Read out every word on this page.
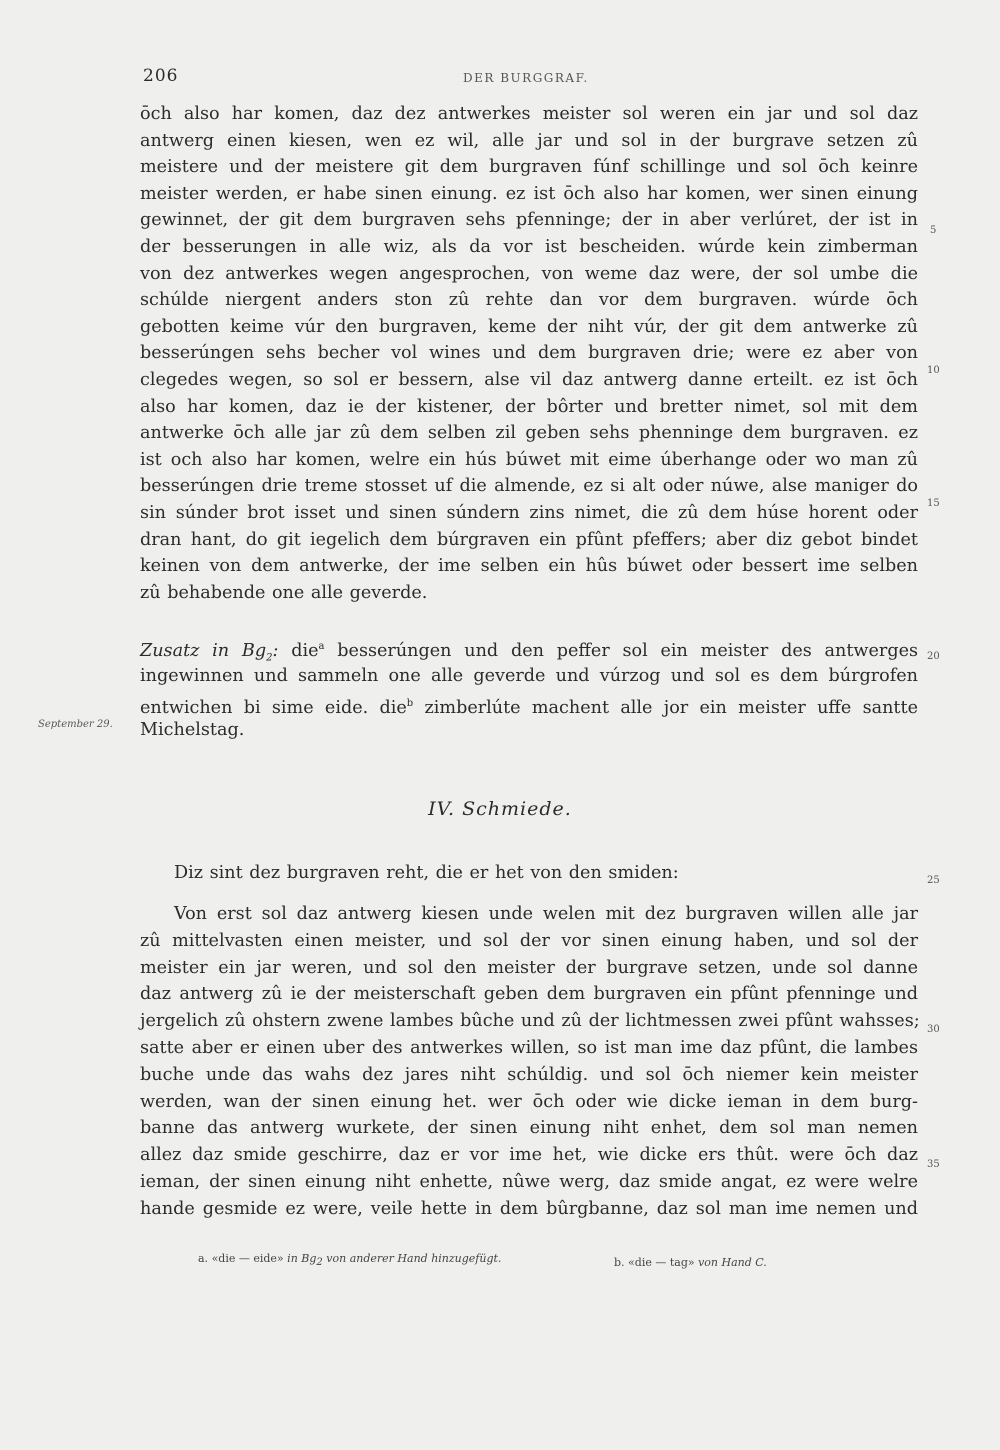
206	DER BURGGRAF.
ōch also har komen, daz dez antwerkes meister sol weren ein jar und sol daz
antwerg einen kiesen, wen ez wil, alle jar und sol in der burgrave setzen zû
meistere und der meistere git dem burgraven fúnf schillinge und sol ōch keinre
meister werden, er habe sinen einung. ez ist ōch also har komen, wer sinen einung
gewinnet, der git dem burgraven sehs pfenninge; der in aber verlúret, der ist in
der besserungen in alle wiz, als da vor ist bescheiden. wúrde kein zimberman
von dez antwerkes wegen angesprochen, von weme daz were, der sol umbe die
schúlde niergent anders ston zû rehte dan vor dem burgraven. wúrde ōch
gebotten keime vúr den burgraven, keme der niht vúr, der git dem antwerke zû
besserúngen sehs becher vol wines und dem burgraven drie; were ez aber von
clegedes wegen, so sol er bessern, alse vil daz antwerg danne erteilt. ez ist ōch
also har komen, daz ie der kistener, der bôrter und bretter nimet, sol mit dem
antwerke ōch alle jar zû dem selben zil geben sehs phenninge dem burgraven. ez
ist och also har komen, welre ein hús búwet mit eime úberhange oder wo man zû
besserúngen drie treme stosset uf die almende, ez si alt oder núwe, alse maniger do
sin súnder brot isset und sinen súndern zins nimet, die zû dem húse horent oder
dran hant, do git iegelich dem búrgraven ein pfûnt pfeffers; aber diz gebot bindet
keinen von dem antwerke, der ime selben ein hûs búwet oder bessert ime selben
zû behabende one alle geverde.
Zusatz in $Bg_2$: die$^a$ besserúngen und den peffer sol ein meister des antwerges
ingewinnen und sammeln one alle geverde und vúrzog und sol es dem búrgrofen
entwichen bi sime eide. die$^b$ zimberlúte machent alle jor ein meister uffe santte
Michelstag.
September 29.
IV. Schmiede.
Diz sint dez burgraven reht, die er het von den smiden:
Von erst sol daz antwerg kiesen unde welen mit dez burgraven willen alle jar
zû mittelvasten einen meister, und sol der vor sinen einung haben, und sol der
meister ein jar weren, und sol den meister der burgrave setzen, unde sol danne
daz antwerg zû ie der meisterschaft geben dem burgraven ein pfûnt pfenninge und
jergelich zû ohstern zwene lambes bûche und zû der lichtmessen zwei pfûnt wahsses;
satte aber er einen uber des antwerkes willen, so ist man ime daz pfûnt, die lambes
buche unde das wahs dez jares niht schúldig. und sol ōch niemer kein meister
werden, wan der sinen einung het. wer ōch oder wie dicke ieman in dem burg-
banne das antwerg wurkete, der sinen einung niht enhet, dem sol man nemen
allez daz smide geschirre, daz er vor ime het, wie dicke ers thût. were ōch daz
ieman, der sinen einung niht enhette, nûwe werg, daz smide angat, ez were welre
hande gesmide ez were, veile hette in dem bûrgbanne, daz sol man ime nemen und
5
10
15
20
25
30
35
a. «die — eide» in $Bg_2$ von anderer Hand hinzugefügt.	b. «die — tag» von Hand C.
